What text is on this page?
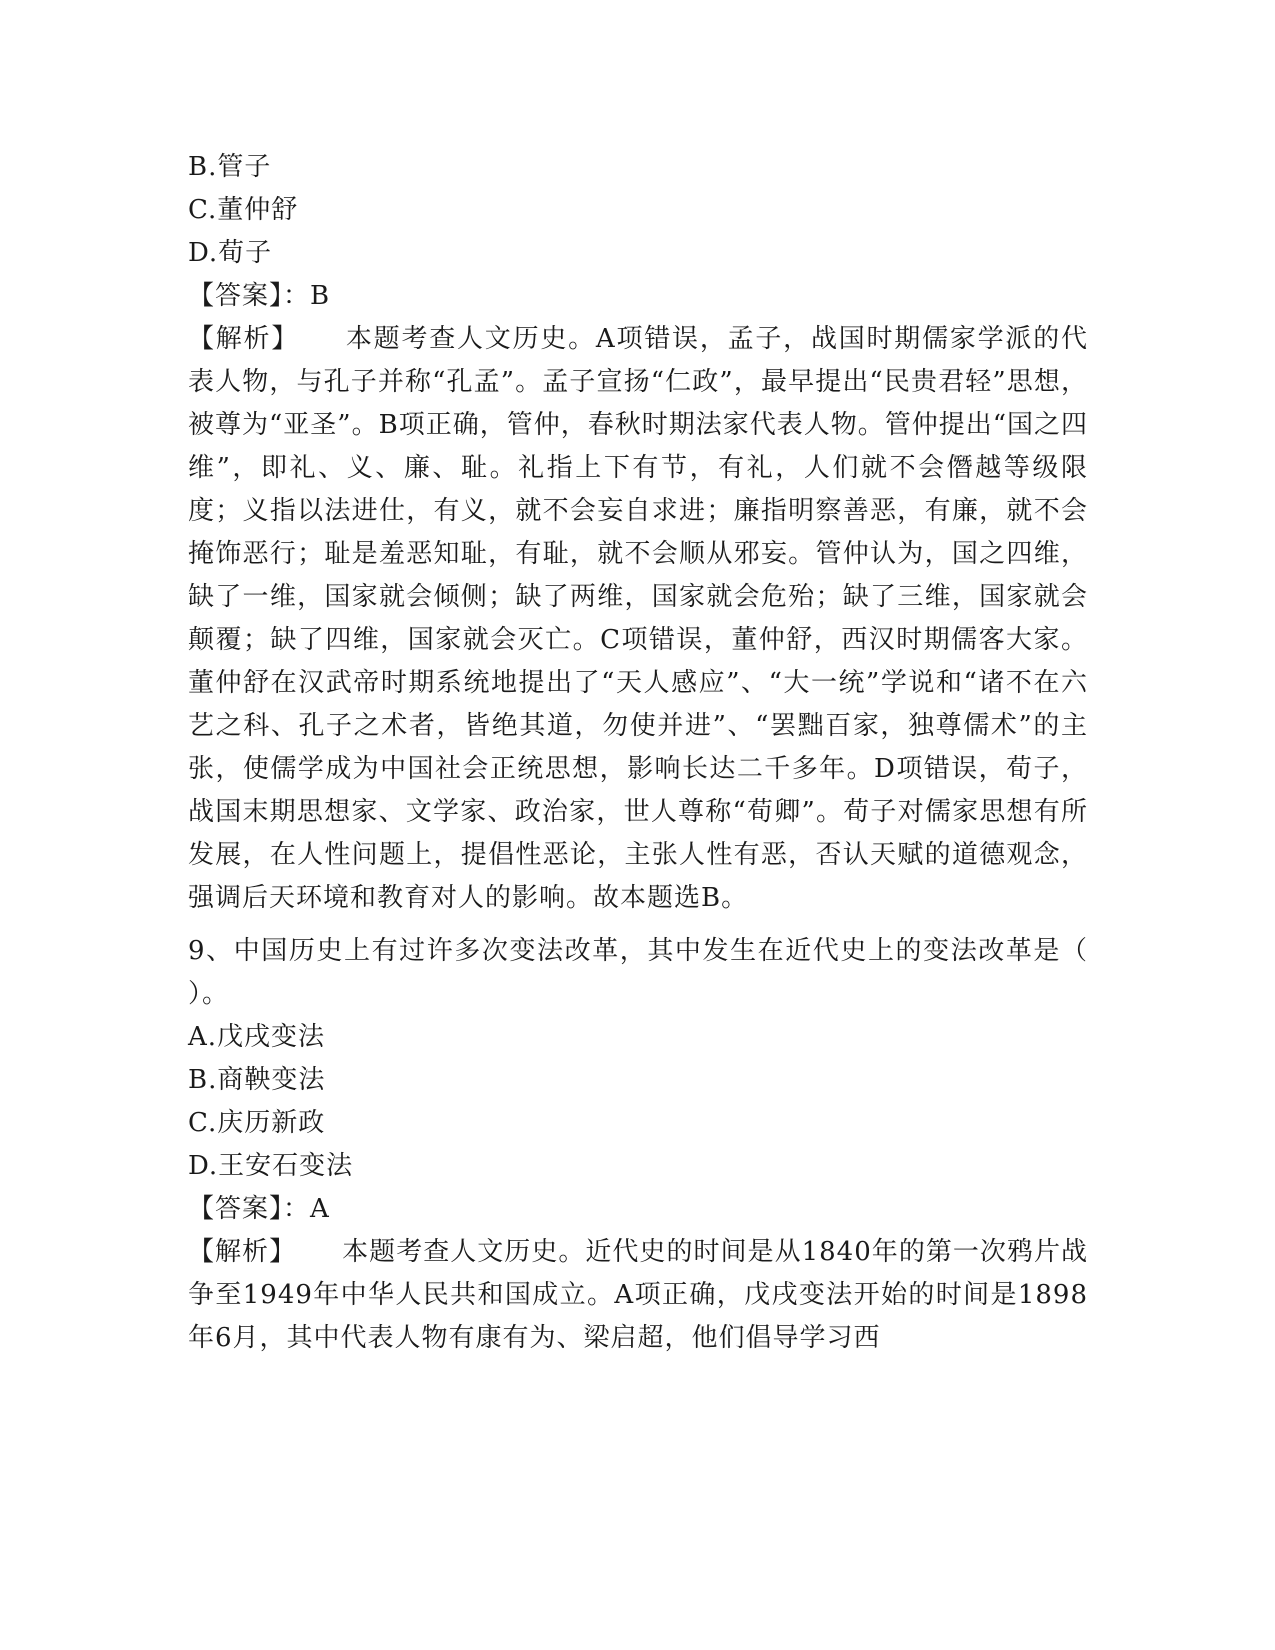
B.管子
C.董仲舒
D.荀子
【答案】：B
【解析】 本题考查人文历史。A项错误，孟子，战国时期儒家学派的代表人物，与孔子并称“孔孟”。孟子宣扬“仁政”，最早提出“民贵君轻”思想，被尊为“亚圣”。B项正确，管仲，春秋时期法家代表人物。管仲提出“国之四维”，即礼、义、廉、耻。礼指上下有节，有礼，人们就不会僭越等级限度；义指以法进仕，有义，就不会妄自求进；廉指明察善恶，有廉，就不会掩饰恶行；耻是羞恶知耻，有耻，就不会顺从邪妄。管仲认为，国之四维，缺了一维，国家就会倾侧；缺了两维，国家就会危殆；缺了三维，国家就会颠覆；缺了四维，国家就会灭亡。C项错误，董仲舒，西汉时期儒客大家。董仲舒在汉武帝时期系统地提出了“天人感应”、“大一统”学说和“诸不在六艺之科、孔子之术者，皆绝其道，勿使并进”、“罢黜百家，独尊儒术”的主张，使儒学成为中国社会正统思想，影响长达二千多年。D项错误，荀子，战国末期思想家、文学家、政治家，世人尊称“荀卿”。荀子对儒家思想有所发展，在人性问题上，提倡性恶论，主张人性有恶，否认天赋的道德观念，强调后天环境和教育对人的影响。故本题选B。
9、中国历史上有过许多次变法改革，其中发生在近代史上的变法改革是（　　）。
A.戊戌变法
B.商鞅变法
C.庆历新政
D.王安石变法
【答案】：A
【解析】 本题考查人文历史。近代史的时间是从1840年的第一次鸦片战争至1949年中华人民共和国成立。A项正确，戊戌变法开始的时间是1898年6月，其中代表人物有康有为、梁启超，他们倡导学习西
